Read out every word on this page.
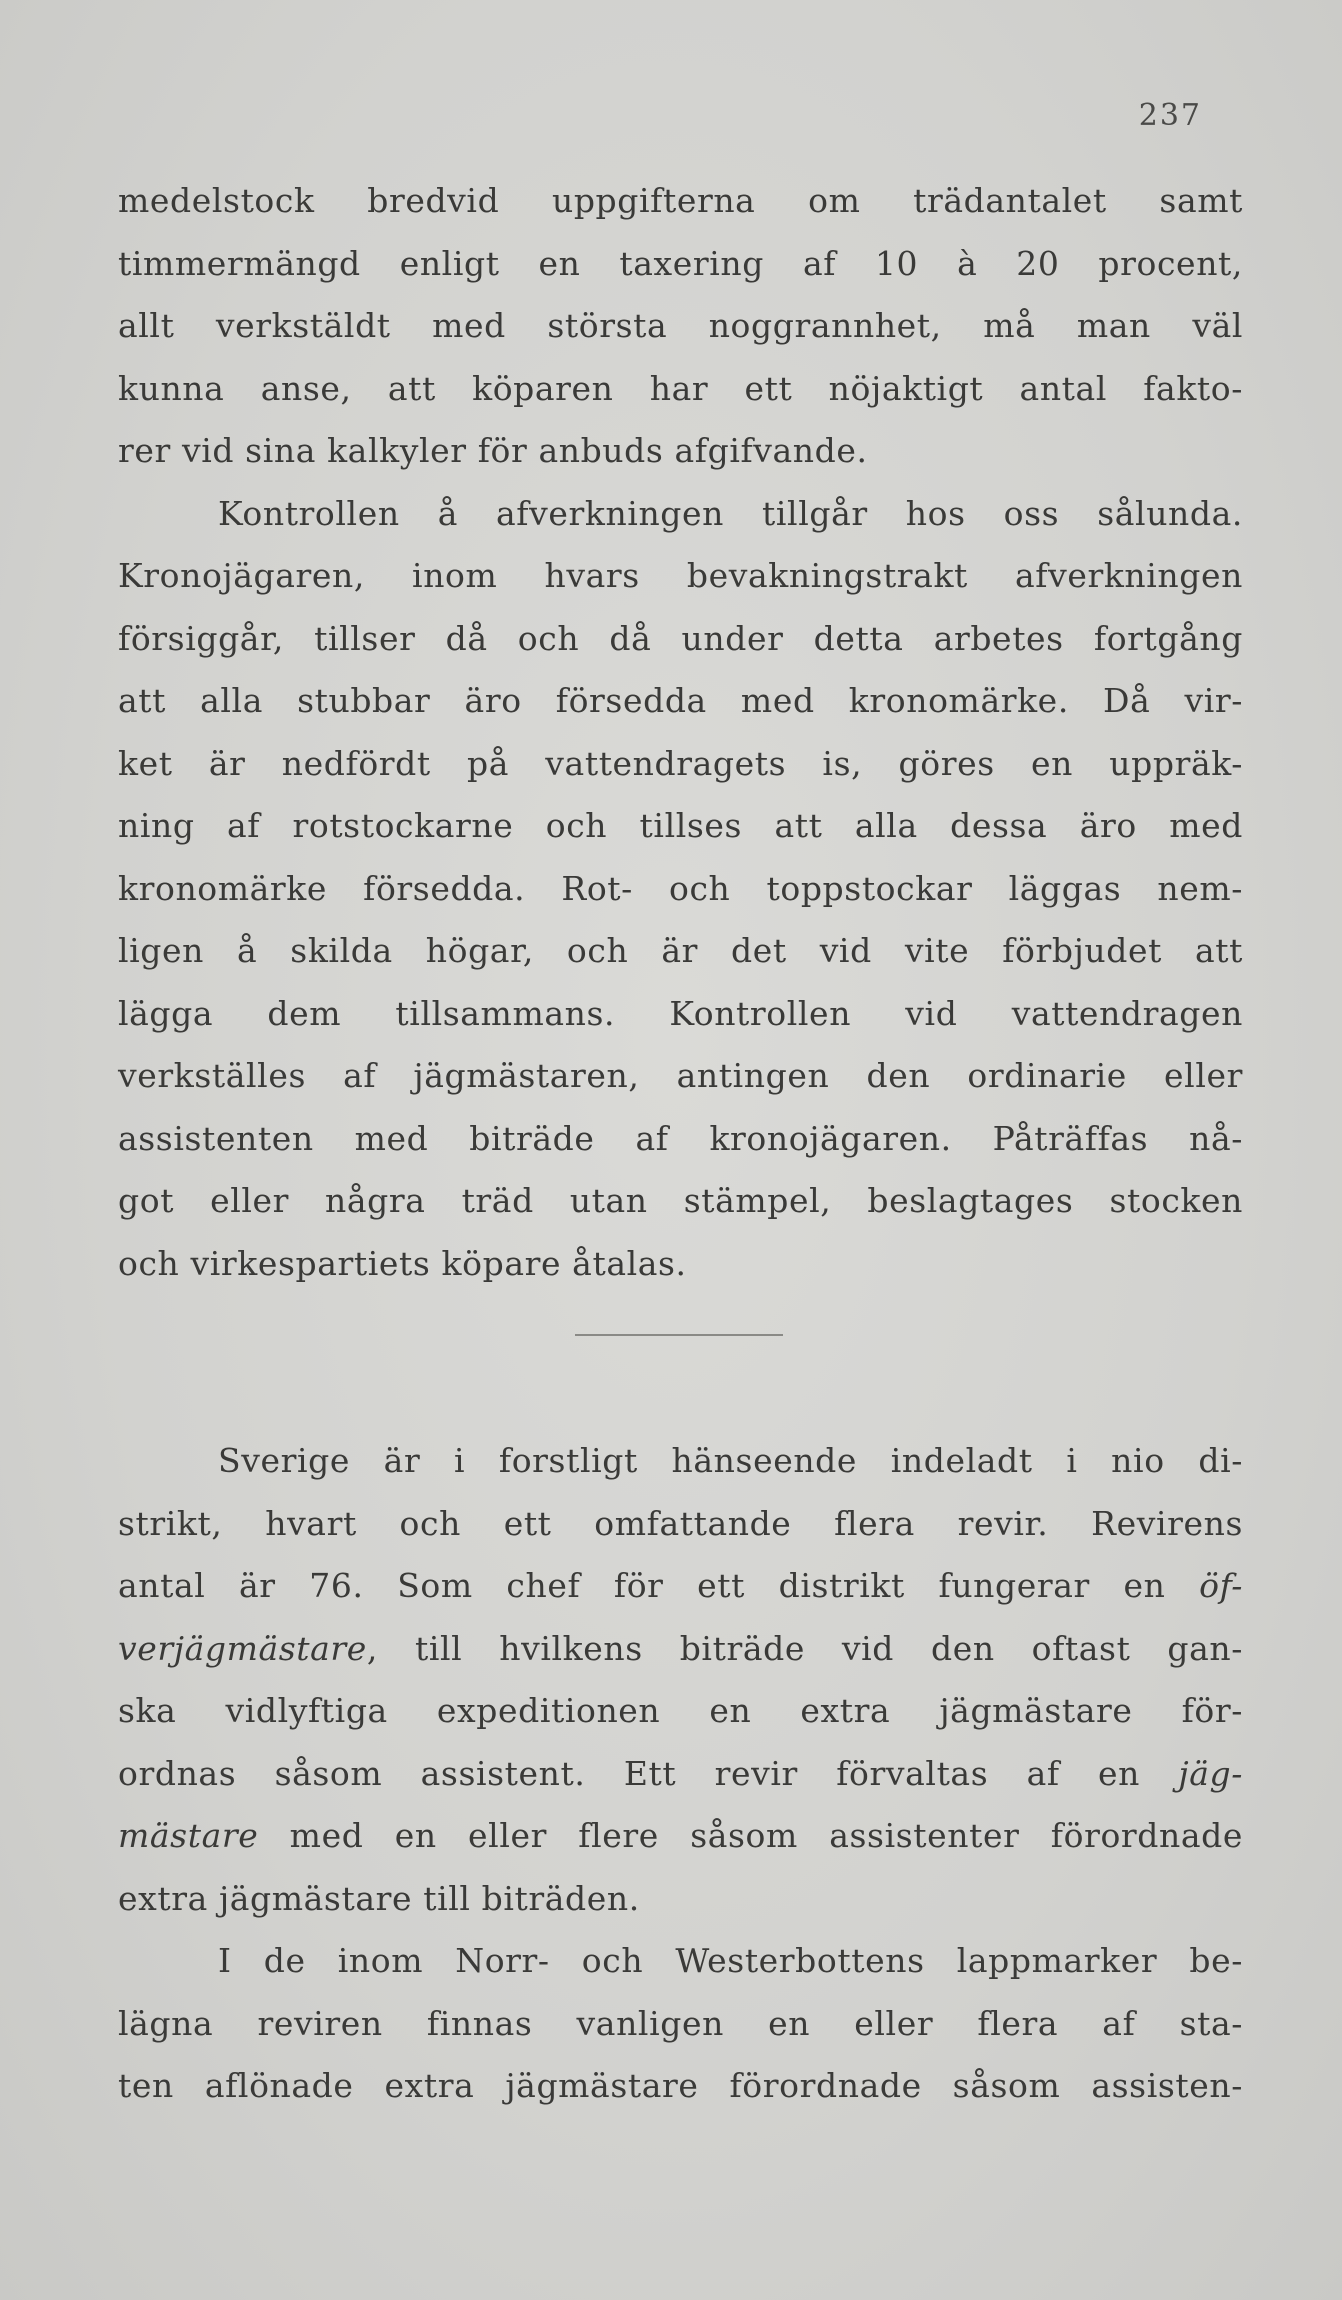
237
medelstock bredvid uppgifterna om trädantalet samt
timmermängd enligt en taxering af 10 à 20 procent,
allt verkstäldt med största noggrannhet, må man väl
kunna anse, att köparen har ett nöjaktigt antal fakto-
rer vid sina kalkyler för anbuds afgifvande.
Kontrollen å afverkningen tillgår hos oss sålunda.
Kronojägaren, inom hvars bevakningstrakt afverkningen
försiggår, tillser då och då under detta arbetes fortgång
att alla stubbar äro försedda med kronomärke. Då vir-
ket är nedfördt på vattendragets is, göres en uppräk-
ning af rotstockarne och tillses att alla dessa äro med
kronomärke försedda. Rot- och toppstockar läggas nem-
ligen å skilda högar, och är det vid vite förbjudet att
lägga dem tillsammans. Kontrollen vid vattendragen
verkställes af jägmästaren, antingen den ordinarie eller
assistenten med biträde af kronojägaren. Påträffas nå-
got eller några träd utan stämpel, beslagtages stocken
och virkespartiets köpare åtalas.
Sverige är i forstligt hänseende indeladt i nio di-
strikt, hvart och ett omfattande flera revir. Revirens
antal är 76. Som chef för ett distrikt fungerar en öf-
verjägmästare, till hvilkens biträde vid den oftast gan-
ska vidlyftiga expeditionen en extra jägmästare för-
ordnas såsom assistent. Ett revir förvaltas af en jäg-
mästare med en eller flere såsom assistenter förordnade
extra jägmästare till biträden.
I de inom Norr- och Westerbottens lappmarker be-
lägna reviren finnas vanligen en eller flera af sta-
ten aflönade extra jägmästare förordnade såsom assisten-
